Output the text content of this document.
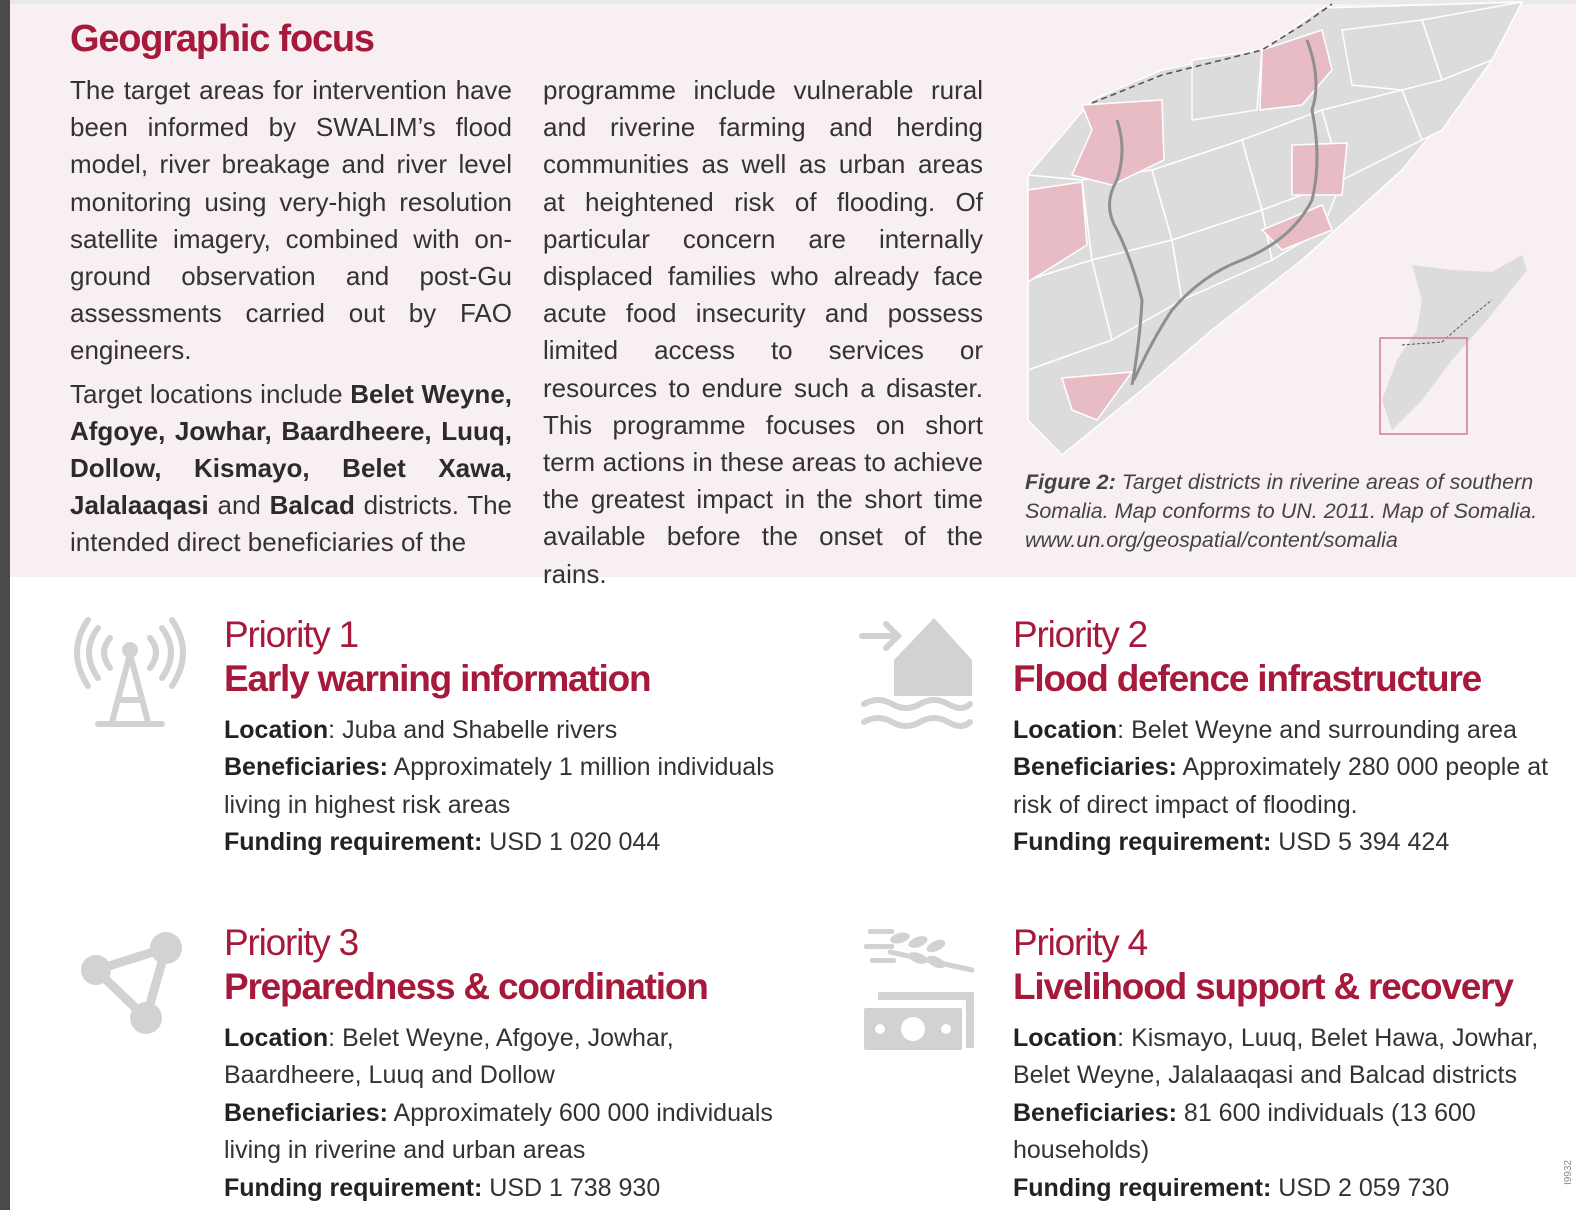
Geographic focus

The target areas for intervention have been informed by SWALIM’s flood model, river breakage and river level monitoring using very-high resolution satellite imagery, combined with on-ground observation and post-Gu assessments carried out by FAO engineers.

Target locations include Belet Weyne, Afgoye, Jowhar, Baardheere, Luuq, Dollow, Kismayo, Belet Xawa, Jalalaaqasi and Balcad districts. The intended direct beneficiaries of the

programme include vulnerable rural and riverine farming and herding communities as well as urban areas at heightened risk of flooding. Of particular concern are internally displaced families who already face acute food insecurity and possess limited access to services or resources to endure such a disaster. This programme focuses on short term actions in these areas to achieve the greatest impact in the short time available before the onset of the rains.

Figure 2: Target districts in riverine areas of southern Somalia. Map conforms to UN. 2011. Map of Somalia. www.un.org/geospatial/content/somalia
Priority 1
Early warning information
Location: Juba and Shabelle rivers
Beneficiaries: Approximately 1 million individuals living in highest risk areas
Funding requirement: USD 1 020 044
Priority 2
Flood defence infrastructure
Location: Belet Weyne and surrounding area
Beneficiaries: Approximately 280 000 people at risk of direct impact of flooding.
Funding requirement: USD 5 394 424
Priority 3
Preparedness & coordination
Location: Belet Weyne, Afgoye, Jowhar, Baardheere, Luuq and Dollow
Beneficiaries: Approximately 600 000 individuals living in riverine and urban areas
Funding requirement: USD 1 738 930
Priority 4
Livelihood support & recovery
Location: Kismayo, Luuq, Belet Hawa, Jowhar, Belet Weyne, Jalalaaqasi and Balcad districts
Beneficiaries: 81 600 individuals (13 600 households)
Funding requirement: USD 2 059 730
I9932
